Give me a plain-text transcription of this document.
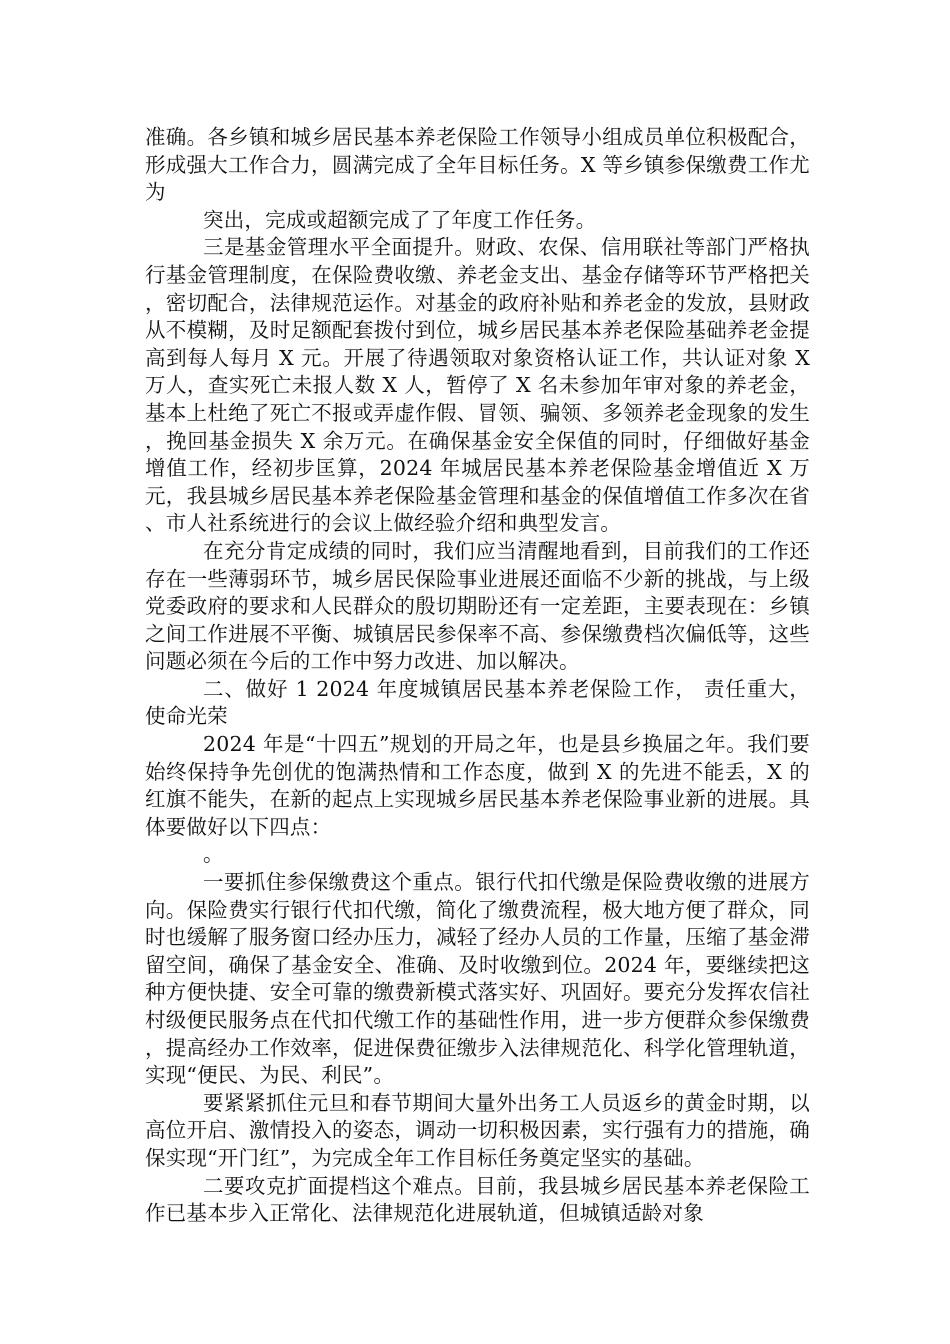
准确。各乡镇和城乡居民基本养老保险工作领导小组成员单位积极配合，形成强大工作合力，圆满完成了全年目标任务。X 等乡镇参保缴费工作尤为

突出，完成或超额完成了了年度工作任务。

三是基金管理水平全面提升。财政、农保、信用联社等部门严格执行基金管理制度，在保险费收缴、养老金支出、基金存储等环节严格把关，密切配合，法律规范运作。对基金的政府补贴和养老金的发放，县财政从不模糊，及时足额配套拨付到位，城乡居民基本养老保险基础养老金提高到每人每月 X 元。开展了待遇领取对象资格认证工作，共认证对象 X 万人，查实死亡未报人数 X 人，暂停了 X 名未参加年审对象的养老金，基本上杜绝了死亡不报或弄虚作假、冒领、骗领、多领养老金现象的发生，挽回基金损失 X 余万元。在确保基金安全保值的同时，仔细做好基金增值工作，经初步匡算，2024 年城居民基本养老保险基金增值近 X 万元，我县城乡居民基本养老保险基金管理和基金的保值增值工作多次在省、市人社系统进行的会议上做经验介绍和典型发言。

在充分肯定成绩的同时，我们应当清醒地看到，目前我们的工作还存在一些薄弱环节，城乡居民保险事业进展还面临不少新的挑战，与上级党委政府的要求和人民群众的殷切期盼还有一定差距，主要表现在：乡镇之间工作进展不平衡、城镇居民参保率不高、参保缴费档次偏低等，这些问题必须在今后的工作中努力改进、加以解决。

二、做好 1 2024 年度城镇居民基本养老保险工作， 责任重大，使命光荣

2024 年是“十四五”规划的开局之年，也是县乡换届之年。我们要始终保持争先创优的饱满热情和工作态度，做到 X 的先进不能丢，X 的红旗不能失，在新的起点上实现城乡居民基本养老保险事业新的进展。具体要做好以下四点：

。

一要抓住参保缴费这个重点。银行代扣代缴是保险费收缴的进展方向。保险费实行银行代扣代缴，简化了缴费流程，极大地方便了群众，同时也缓解了服务窗口经办压力，减轻了经办人员的工作量，压缩了基金滞留空间，确保了基金安全、准确、及时收缴到位。2024 年，要继续把这种方便快捷、安全可靠的缴费新模式落实好、巩固好。要充分发挥农信社村级便民服务点在代扣代缴工作的基础性作用，进一步方便群众参保缴费，提高经办工作效率，促进保费征缴步入法律规范化、科学化管理轨道，实现“便民、为民、利民”。

要紧紧抓住元旦和春节期间大量外出务工人员返乡的黄金时期，以高位开启、激情投入的姿态，调动一切积极因素，实行强有力的措施，确保实现“开门红”，为完成全年工作目标任务奠定坚实的基础。

二要攻克扩面提档这个难点。目前，我县城乡居民基本养老保险工作已基本步入正常化、法律规范化进展轨道，但城镇适龄对象
